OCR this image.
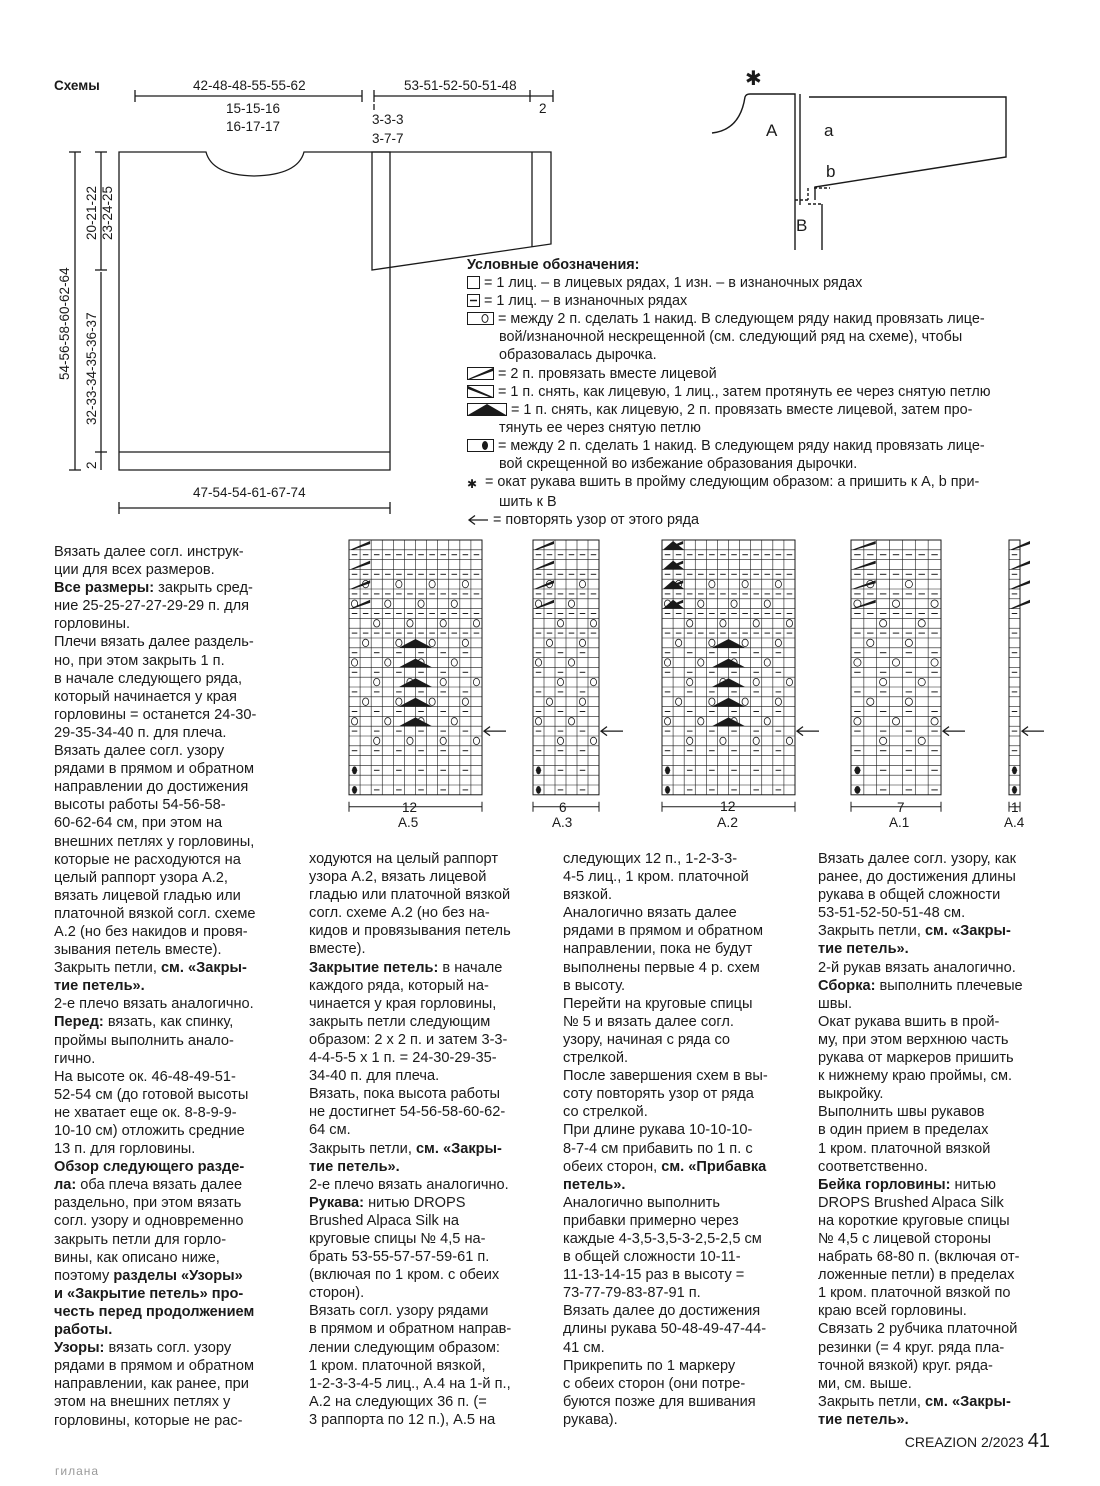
Схемы	42-48-48-55-55-62
15-15-16
16-17-17
53-51-52-50-51-48
2
3-3-3
3-7-7
20-21-22 23-24-25
54-56-58-60-62-64 32-33-34-35-36-37
2
47-54-54-61-67-74
✱
A	a
b
B
Условные обозначения:
= 1 лиц. – в лицевых рядах, 1 изн. – в изнаночных рядах
= 1 лиц. – в изнаночных рядах
= между 2 п. сделать 1 накид. В следующем ряду накид провязать лице-
вой/изнаночной нескрещенной (см. следующий ряд на схеме), чтобы
образовалась дырочка.
= 2 п. провязать вместе лицевой
= 1 п. снять, как лицевую, 1 лиц., затем протянуть ее через снятую петлю
= 1 п. снять, как лицевую, 2 п. провязать вместе лицевой, затем про-
тянуть ее через снятую петлю
= между 2 п. сделать 1 накид. В следующем ряду накид провязать лице-
вой скрещенной во избежание образования дырочки.
✱ = окат рукава вшить в пройму следующим образом: a пришить к A, b при-
шить к B
= повторять узор от этого ряда
12
A.5
6
A.3
12
A.2
7
A.1
1
A.4

Вязать далее согл. инструк-

ции для всех размеров.

Все размеры: закрыть сред-

ние 25-25-27-27-29-29 п. для

горловины.

Плечи вязать далее раздель-

но, при этом закрыть 1 п.

в начале следующего ряда,

который начинается у края

горловины = останется 24-30-

29-35-34-40 п. для плеча.

Вязать далее согл. узору

рядами в прямом и обратном

направлении до достижения

высоты работы 54-56-58-

60-62-64 см, при этом на

внешних петлях у горловины,

которые не расходуются на

целый раппорт узора A.2,

вязать лицевой гладью или

платочной вязкой согл. схеме

A.2 (но без накидов и провя-

зывания петель вместе).

Закрыть петли, см. «Закры-

тие петель».

2-е плечо вязать аналогично.

Перед: вязать, как спинку,

проймы выполнить анало-

гично.

На высоте ок. 46-48-49-51-

52-54 см (до готовой высоты

не хватает еще ок. 8-8-9-9-

10-10 см) отложить средние

13 п. для горловины.

Обзор следующего разде-

ла: оба плеча вязать далее

раздельно, при этом вязать

согл. узору и одновременно

закрыть петли для горло-

вины, как описано ниже,

поэтому разделы «Узоры»

и «Закрытие петель» про-

честь перед продолжением

работы.

Узоры: вязать согл. узору

рядами в прямом и обратном

направлении, как ранее, при

этом на внешних петлях у

горловины, которые не рас-

ходуются на целый раппорт

узора A.2, вязать лицевой

гладью или платочной вязкой

согл. схеме A.2 (но без на-

кидов и провязывания петель

вместе).

Закрытие петель: в начале

каждого ряда, который на-

чинается у края горловины,

закрыть петли следующим

образом: 2 x 2 п. и затем 3-3-

4-4-5-5 x 1 п. = 24-30-29-35-

34-40 п. для плеча.

Вязать, пока высота работы

не достигнет 54-56-58-60-62-

64 см.

Закрыть петли, см. «Закры-

тие петель».

2-е плечо вязать аналогично.

Рукава: нитью DROPS

Brushed Alpaca Silk на

круговые спицы № 4,5 на-

брать 53-55-57-57-59-61 п.

(включая по 1 кром. с обеих

сторон).

Вязать согл. узору рядами

в прямом и обратном направ-

лении следующим образом:

1 кром. платочной вязкой,

1-2-3-3-4-5 лиц., A.4 на 1-й п.,

A.2 на следующих 36 п. (=

3 раппорта по 12 п.), A.5 на

следующих 12 п., 1-2-3-3-

4-5 лиц., 1 кром. платочной

вязкой.

Аналогично вязать далее

рядами в прямом и обратном

направлении, пока не будут

выполнены первые 4 р. схем

в высоту.

Перейти на круговые спицы

№ 5 и вязать далее согл.

узору, начиная с ряда со

стрелкой.

После завершения схем в вы-

соту повторять узор от ряда

со стрелкой.

При длине рукава 10-10-10-

8-7-4 см прибавить по 1 п. с

обеих сторон, см. «Прибавка

петель».

Аналогично выполнить

прибавки примерно через

каждые 4-3,5-3,5-3-2,5-2,5 см

в общей сложности 10-11-

11-13-14-15 раз в высоту =

73-77-79-83-87-91 п.

Вязать далее до достижения

длины рукава 50-48-49-47-44-

41 см.

Прикрепить по 1 маркеру

с обеих сторон (они потре-

буются позже для вшивания

рукава).

Вязать далее согл. узору, как

ранее, до достижения длины

рукава в общей сложности

53-51-52-50-51-48 см.

Закрыть петли, см. «Закры-

тие петель».

2-й рукав вязать аналогично.

Сборка: выполнить плечевые

швы.

Окат рукава вшить в прой-

му, при этом верхнюю часть

рукава от маркеров пришить

к нижнему краю проймы, см.

выкройку.

Выполнить швы рукавов

в один прием в пределах

1 кром. платочной вязкой

соответственно.

Бейка горловины: нитью

DROPS Brushed Alpaca Silk

на короткие круговые спицы

№ 4,5 с лицевой стороны

набрать 68-80 п. (включая от-

ложенные петли) в пределах

1 кром. платочной вязкой по

краю всей горловины.

Связать 2 рубчика платочной

резинки (= 4 круг. ряда пла-

точной вязкой) круг. ряда-

ми, см. выше.

Закрыть петли, см. «Закры-

тие петель».

CREAZION 2/2023 41
гилана
